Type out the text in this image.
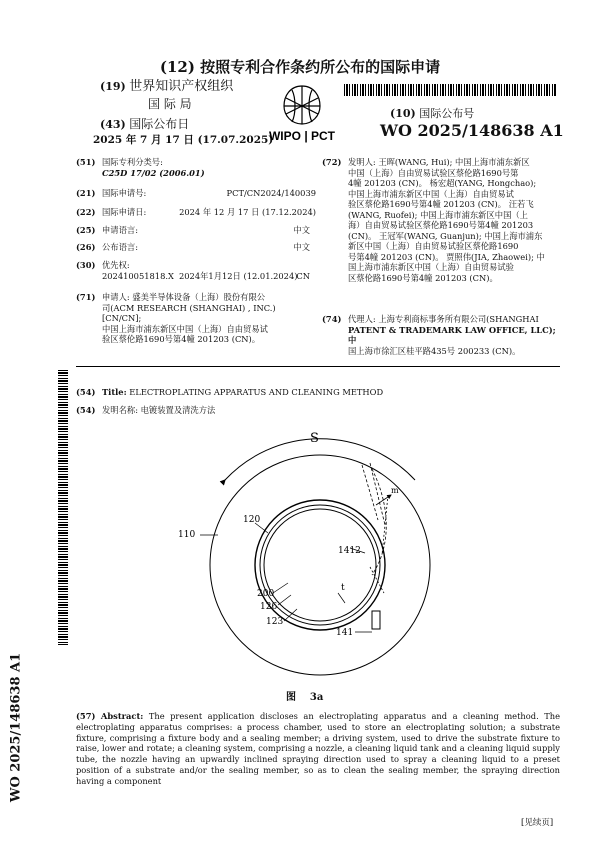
(12) 按照专利合作条约所公布的国际申请
(19) 世界知识产权组织
国 际 局
(43) 国际公布日
2025 年 7 月 17 日 (17.07.2025)
WIPO | PCT
(10) 国际公布号
WO 2025/148638 A1
(51) 国际专利分类号:
C25D 17/02 (2006.01)
(21) 国际申请号:	PCT/CN2024/140039
(22) 国际申请日:	2024 年 12 月 17 日 (17.12.2024)
(25) 申请语言:	中文
(26) 公布语言:	中文
(30) 优先权:
202410051818.X 2024年1月12日 (12.01.2024)
CN
(71) 申请人: 盛美半导体设备（上海）股份有限公
司(ACM RESEARCH (SHANGHAI) , INC.) [CN/CN];
中国上海市浦东新区中国（上海）自由贸易试
验区蔡伦路1690号第4幢 201203 (CN)。
(72) 发明人: 王晖(WANG, Hui); 中国上海市浦东新区
中国（上海）自由贸易试验区蔡伦路1690号第
4幢 201203 (CN)。 杨宏超(YANG, Hongchao);
中国上海市浦东新区中国（上海）自由贸易试
验区蔡伦路1690号第4幢 201203 (CN)。 汪若飞
(WANG, Ruofei); 中国上海市浦东新区中国（上
海）自由贸易试验区蔡伦路1690号第4幢 201203
(CN)。 王冠军(WANG, Guanjun); 中国上海市浦东
新区中国（上海）自由贸易试验区蔡伦路1690
号第4幢 201203 (CN)。 贾照伟(JIA, Zhaowei); 中
国上海市浦东新区中国（上海）自由贸易试验
区蔡伦路1690号第4幢 201203 (CN)。
(74) 代理人: 上海专利商标事务所有限公司(SHANGHAI
PATENT & TRADEMARK LAW OFFICE, LLC); 中
国上海市徐汇区桂平路435号 200233 (CN)。
WO 2025/148638 A1
(54) Title: ELECTROPLATING APPARATUS AND CLEANING METHOD
(54) 发明名称: 电镀装置及清洗方法
S
110
120
1412
m
200
126
123
t
141
图    3a
(57) Abstract: The present application discloses an electroplating apparatus and a cleaning method. The electroplating apparatus comprises: a process chamber, used to store an electroplating solution; a substrate fixture, comprising a fixture body and a sealing member; a driving system, used to drive the substrate fixture to raise, lower and rotate; a cleaning system, comprising a nozzle, a cleaning liquid tank and a cleaning liquid supply tube, the nozzle having an upwardly inclined spraying direction used to spray a cleaning liquid to a preset position of a substrate and/or the sealing member, so as to clean the sealing member, the spraying direction having a component
[见续页]
